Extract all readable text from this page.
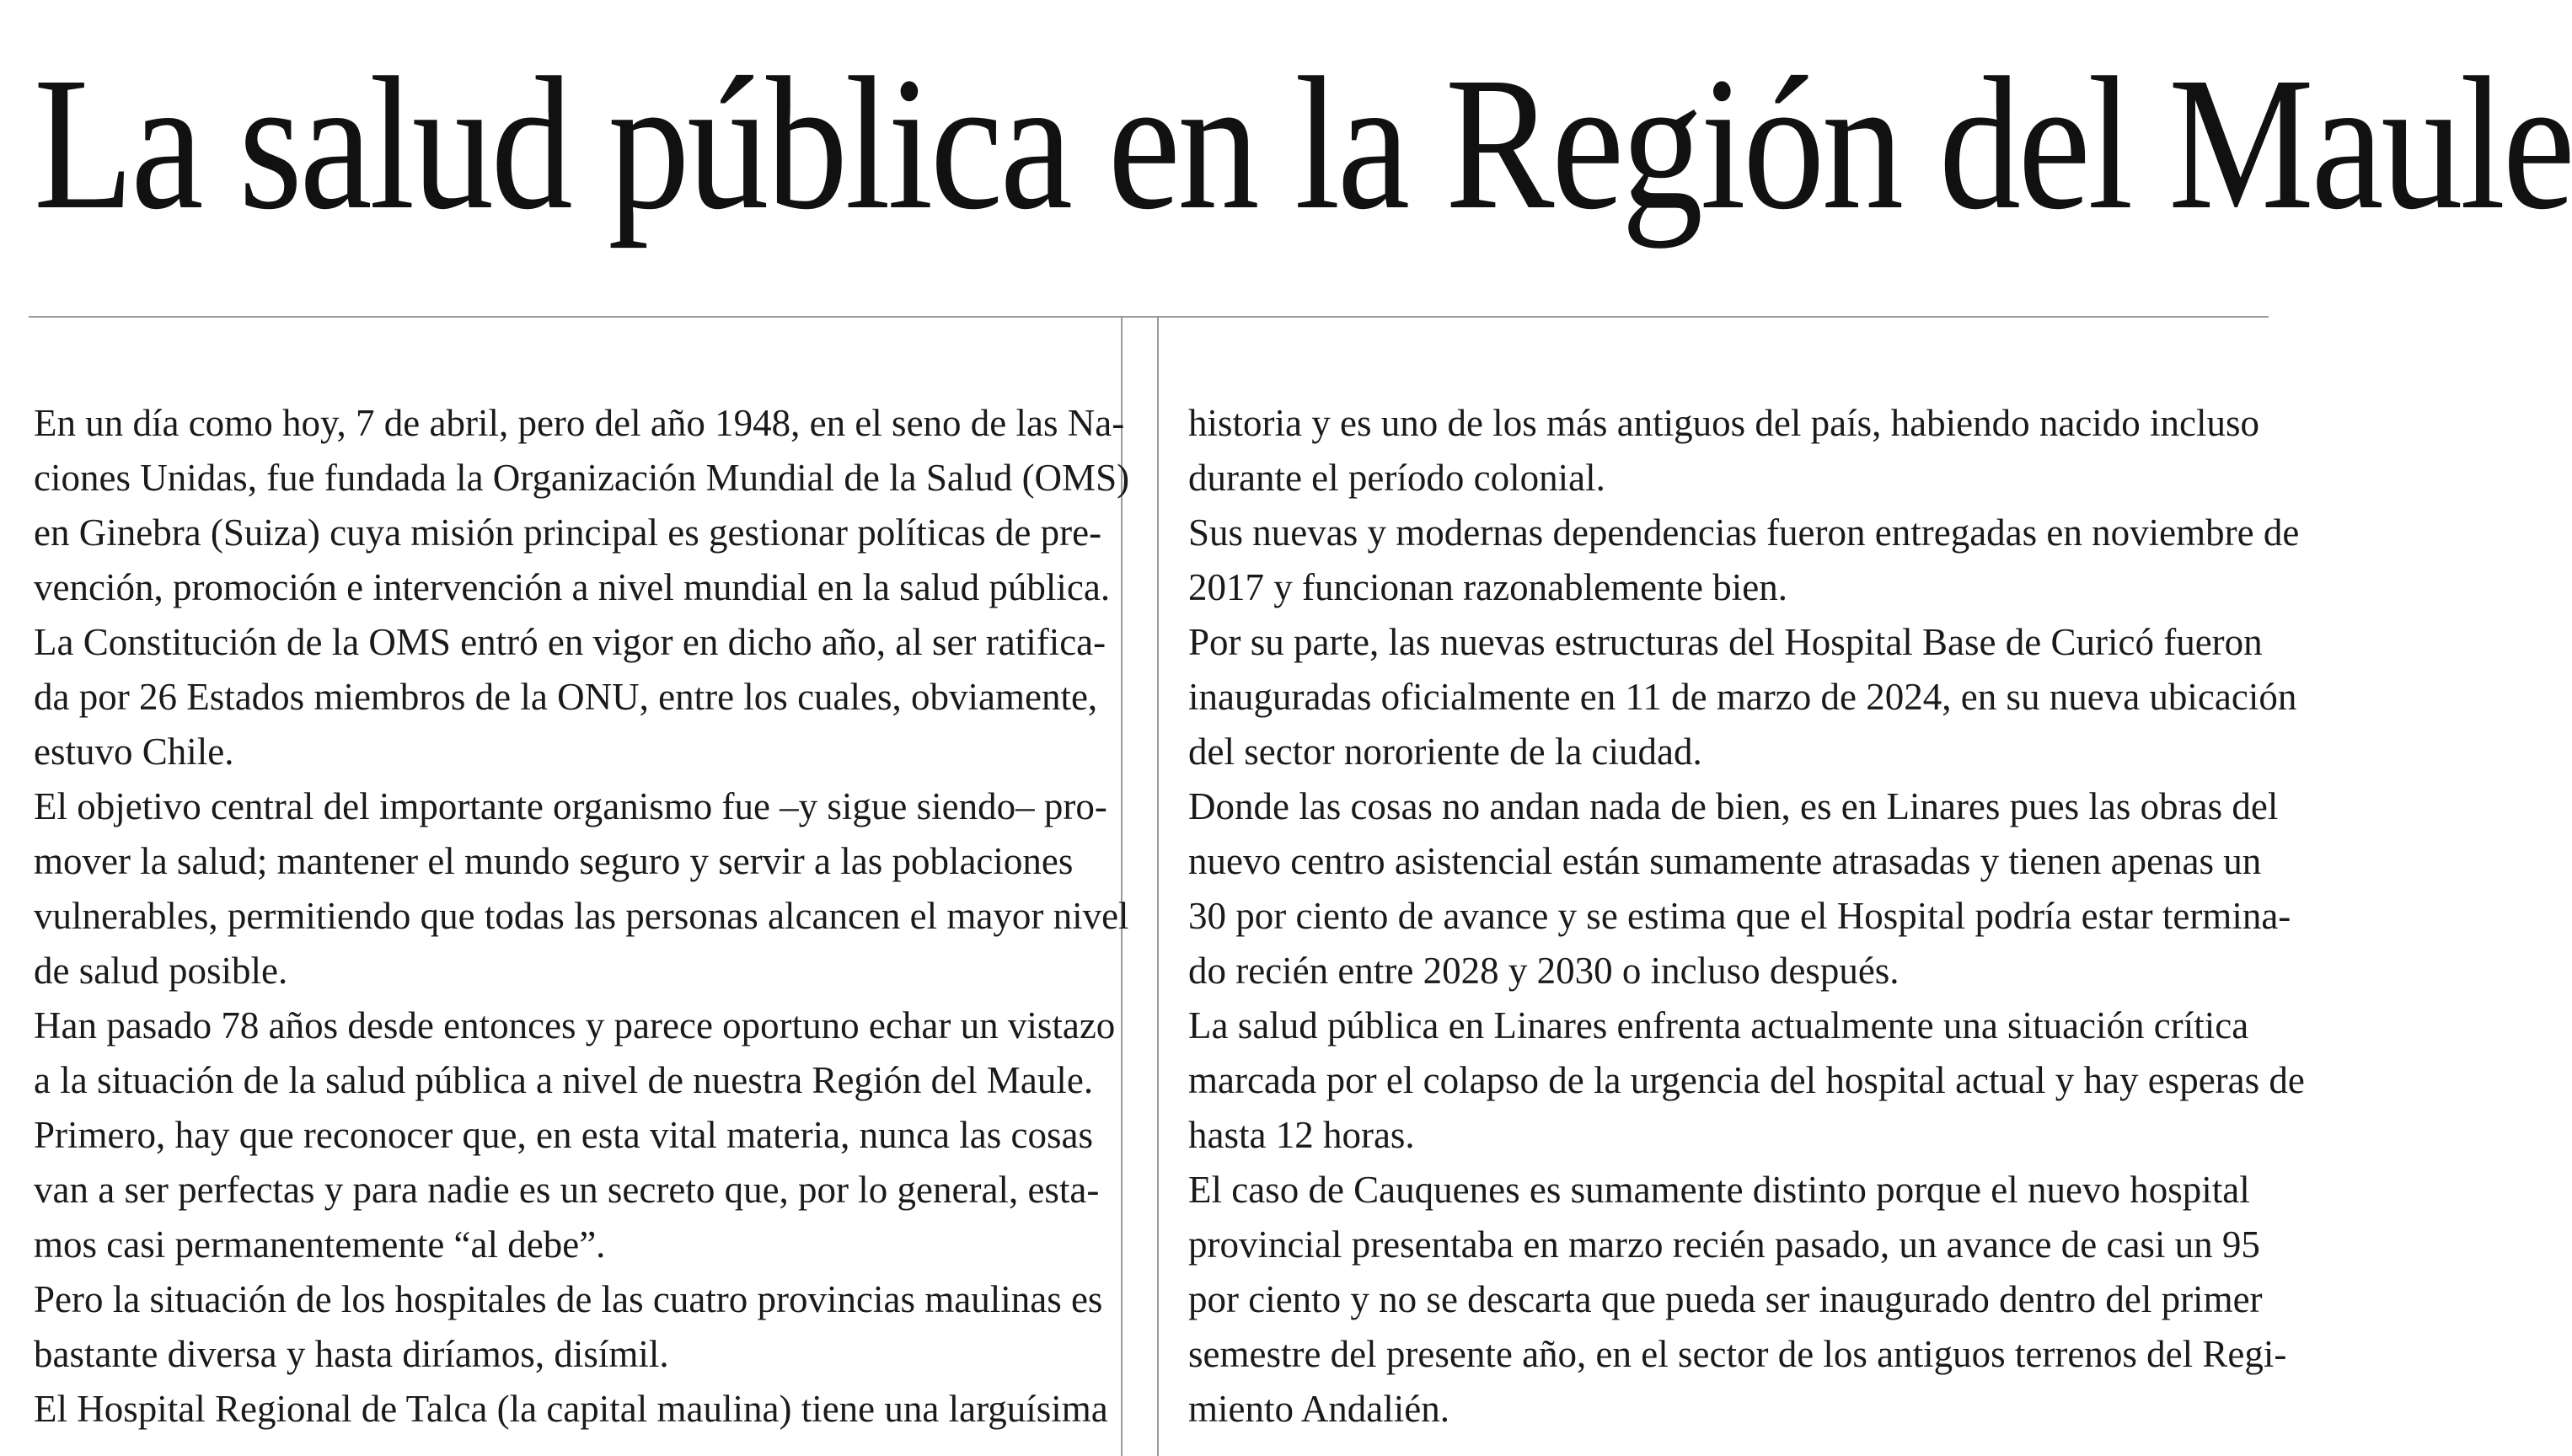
La salud pública en la Región del Maule
En un día como hoy, 7 de abril, pero del año 1948, en el seno de las Na-
ciones Unidas, fue fundada la Organización Mundial de la Salud (OMS)
en Ginebra (Suiza) cuya misión principal es gestionar políticas de pre-
vención, promoción e intervención a nivel mundial en la salud pública.
La Constitución de la OMS entró en vigor en dicho año, al ser ratifica-
da por 26 Estados miembros de la ONU, entre los cuales, obviamente,
estuvo Chile.
El objetivo central del importante organismo fue –y sigue siendo– pro-
mover la salud; mantener el mundo seguro y servir a las poblaciones
vulnerables, permitiendo que todas las personas alcancen el mayor nivel
de salud posible.
Han pasado 78 años desde entonces y parece oportuno echar un vistazo
a la situación de la salud pública a nivel de nuestra Región del Maule.
Primero, hay que reconocer que, en esta vital materia, nunca las cosas
van a ser perfectas y para nadie es un secreto que, por lo general, esta-
mos casi permanentemente “al debe”.
Pero la situación de los hospitales de las cuatro provincias maulinas es
bastante diversa y hasta diríamos, disímil.
El Hospital Regional de Talca (la capital maulina) tiene una larguísima
historia y es uno de los más antiguos del país, habiendo nacido incluso
durante el período colonial.
Sus nuevas y modernas dependencias fueron entregadas en noviembre de
2017 y funcionan razonablemente bien.
Por su parte, las nuevas estructuras del Hospital Base de Curicó fueron
inauguradas oficialmente en 11 de marzo de 2024, en su nueva ubicación
del sector nororiente de la ciudad.
Donde las cosas no andan nada de bien, es en Linares pues las obras del
nuevo centro asistencial están sumamente atrasadas y tienen apenas un
30 por ciento de avance y se estima que el Hospital podría estar termina-
do recién entre 2028 y 2030 o incluso después.
La salud pública en Linares enfrenta actualmente una situación crítica
marcada por el colapso de la urgencia del hospital actual y hay esperas de
hasta 12 horas.
El caso de Cauquenes es sumamente distinto porque el nuevo hospital
provincial presentaba en marzo recién pasado, un avance de casi un 95
por ciento y no se descarta que pueda ser inaugurado dentro del primer
semestre del presente año, en el sector de los antiguos terrenos del Regi-
miento Andalién.
